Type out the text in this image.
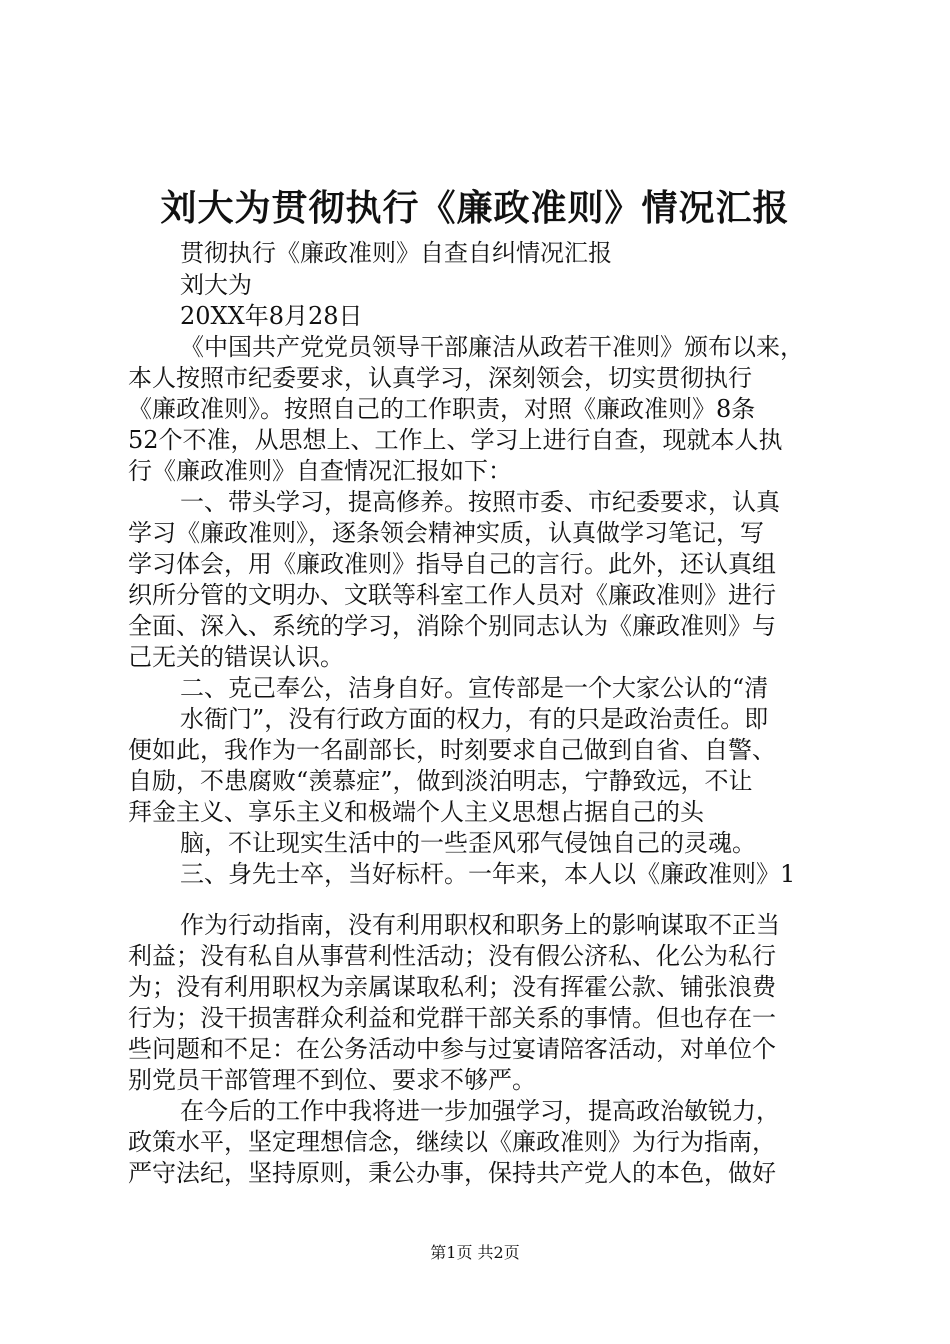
刘大为贯彻执行《廉政准则》情况汇报
贯彻执行《廉政准则》自查自纠情况汇报
刘大为
20XX年8月28日
《中国共产党党员领导干部廉洁从政若干准则》颁布以来，
本人按照市纪委要求，认真学习，深刻领会，切实贯彻执行
《廉政准则》。按照自己的工作职责，对照《廉政准则》8条
52个不准，从思想上、工作上、学习上进行自查，现就本人执
行《廉政准则》自查情况汇报如下：
一、带头学习，提高修养。按照市委、市纪委要求，认真
学习《廉政准则》，逐条领会精神实质，认真做学习笔记，写
学习体会，用《廉政准则》指导自己的言行。此外，还认真组
织所分管的文明办、文联等科室工作人员对《廉政准则》进行
全面、深入、系统的学习，消除个别同志认为《廉政准则》与
己无关的错误认识。
二、克己奉公，洁身自好。宣传部是一个大家公认的“清
水衙门”，没有行政方面的权力，有的只是政治责任。即
便如此，我作为一名副部长，时刻要求自己做到自省、自警、
自励，不患腐败“羡慕症”，做到淡泊明志，宁静致远，不让
拜金主义、享乐主义和极端个人主义思想占据自己的头
脑，不让现实生活中的一些歪风邪气侵蚀自己的灵魂。
三、身先士卒，当好标杆。一年来，本人以《廉政准则》1
作为行动指南，没有利用职权和职务上的影响谋取不正当
利益；没有私自从事营利性活动；没有假公济私、化公为私行
为；没有利用职权为亲属谋取私利；没有挥霍公款、铺张浪费
行为；没干损害群众利益和党群干部关系的事情。但也存在一
些问题和不足：在公务活动中参与过宴请陪客活动，对单位个
别党员干部管理不到位、要求不够严。
在今后的工作中我将进一步加强学习，提高政治敏锐力，
政策水平，坚定理想信念，继续以《廉政准则》为行为指南，
严守法纪，坚持原则，秉公办事，保持共产党人的本色，做好
第1页 共2页
